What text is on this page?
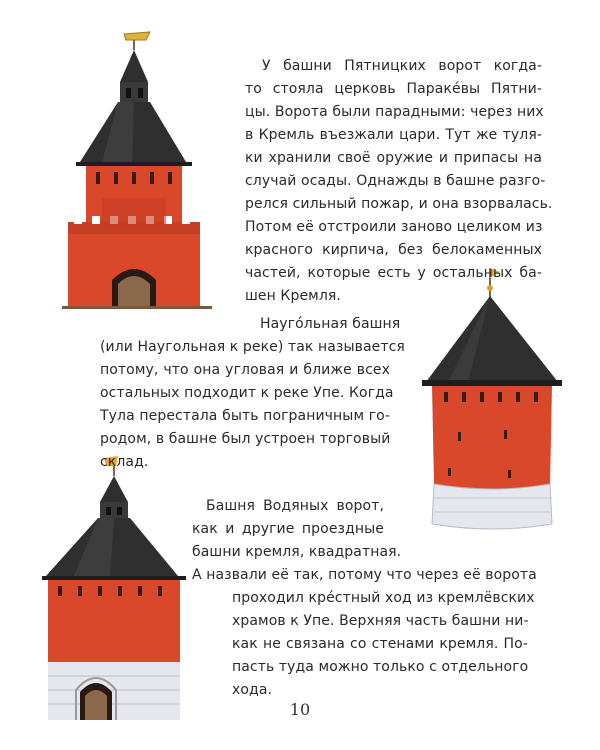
У башни Пятницких ворот когда-
то стояла церковь Паракéвы Пятни-
цы. Ворота были парадными: через них
в Кремль въезжали цари. Тут же туля-
ки хранили своё оружие и припасы на
случай осады. Однажды в башне разго-
релся сильный пожар, и она взорвалась.
Потом её отстроили заново целиком из
красного кирпича, без белокаменных
частей, которые есть у остальных ба-
шен Кремля.
Наугóльная башня
(или Наугольная к реке) так называется
потому, что она угловая и ближе всех
остальных подходит к реке Упе. Когда
Тула перестала быть пограничным го-
родом, в башне был устроен торговый
склад.
Башня Водяных ворот,
как и другие проездные
башни кремля, квадратная.
А назвали её так, потому что через её ворота
проходил крéстный ход из кремлёвских
храмов к Упе. Верхняя часть башни ни-
как не связана со стенами кремля. По-
пасть туда можно только с отдельного
хода.
10
